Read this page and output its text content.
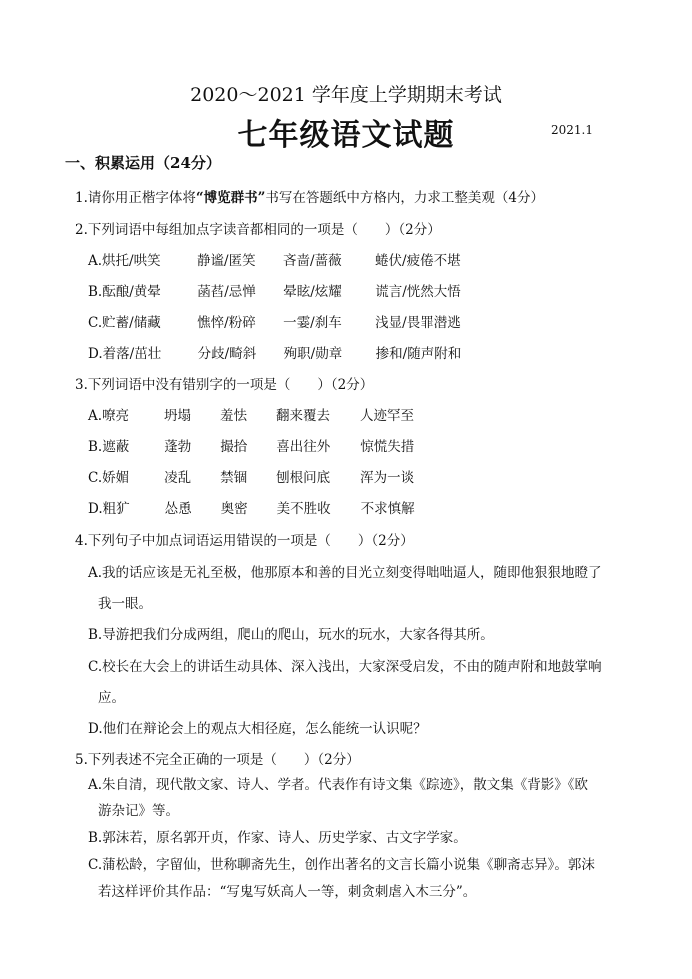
2020～2021 学年度上学期期末考试
七年级语文试题	2021.1
一、积累运用（24分）
1.请你用正楷字体将“博览群书”书写在答题纸中方格内，力求工整美观（4分）
2.下列词语中每组加点字读音都相同的一项是（　　）（2分）
A.烘托/哄笑	静谧/匿笑 吝啬/蔷薇 蜷伏/疲倦不堪
B.酝酿/黄晕	菡萏/忌惮 晕眩/炫耀 谎言/恍然大悟
C.贮蓄/储藏	憔悴/粉碎 一霎/刹车 浅显/畏罪潜逃
D.着落/茁壮	分歧/畸斜 殉职/勋章 掺和/随声附和
3.下列词语中没有错别字的一项是（　　）（2分）
A.嘹亮	坍塌 羞怯 翻来覆去 人迹罕至
B.遮蔽	蓬勃 撮拾 喜出往外 惊慌失措
C.娇媚	凌乱 禁锢 刨根问底 浑为一谈
D.粗犷	怂恿 奥密 美不胜收 不求慎解
4.下列句子中加点词语运用错误的一项是（　　）（2分）
A.我的话应该是无礼至极，他那原本和善的目光立刻变得咄咄逼人，随即他狠狠地瞪了
我一眼。
B.导游把我们分成两组，爬山的爬山，玩水的玩水，大家各得其所。
C.校长在大会上的讲话生动具体、深入浅出，大家深受启发，不由的随声附和地鼓掌响
应。
D.他们在辩论会上的观点大相径庭，怎么能统一认识呢？
5.下列表述不完全正确的一项是（　　）（2分）
A.朱自清，现代散文家、诗人、学者。代表作有诗文集《踪迹》，散文集《背影》《欧
游杂记》等。
B.郭沫若，原名郭开贞，作家、诗人、历史学家、古文字学家。
C.蒲松龄，字留仙，世称聊斋先生，创作出著名的文言长篇小说集《聊斋志异》。郭沫
若这样评价其作品：“写鬼写妖高人一等，刺贪刺虐入木三分”。
